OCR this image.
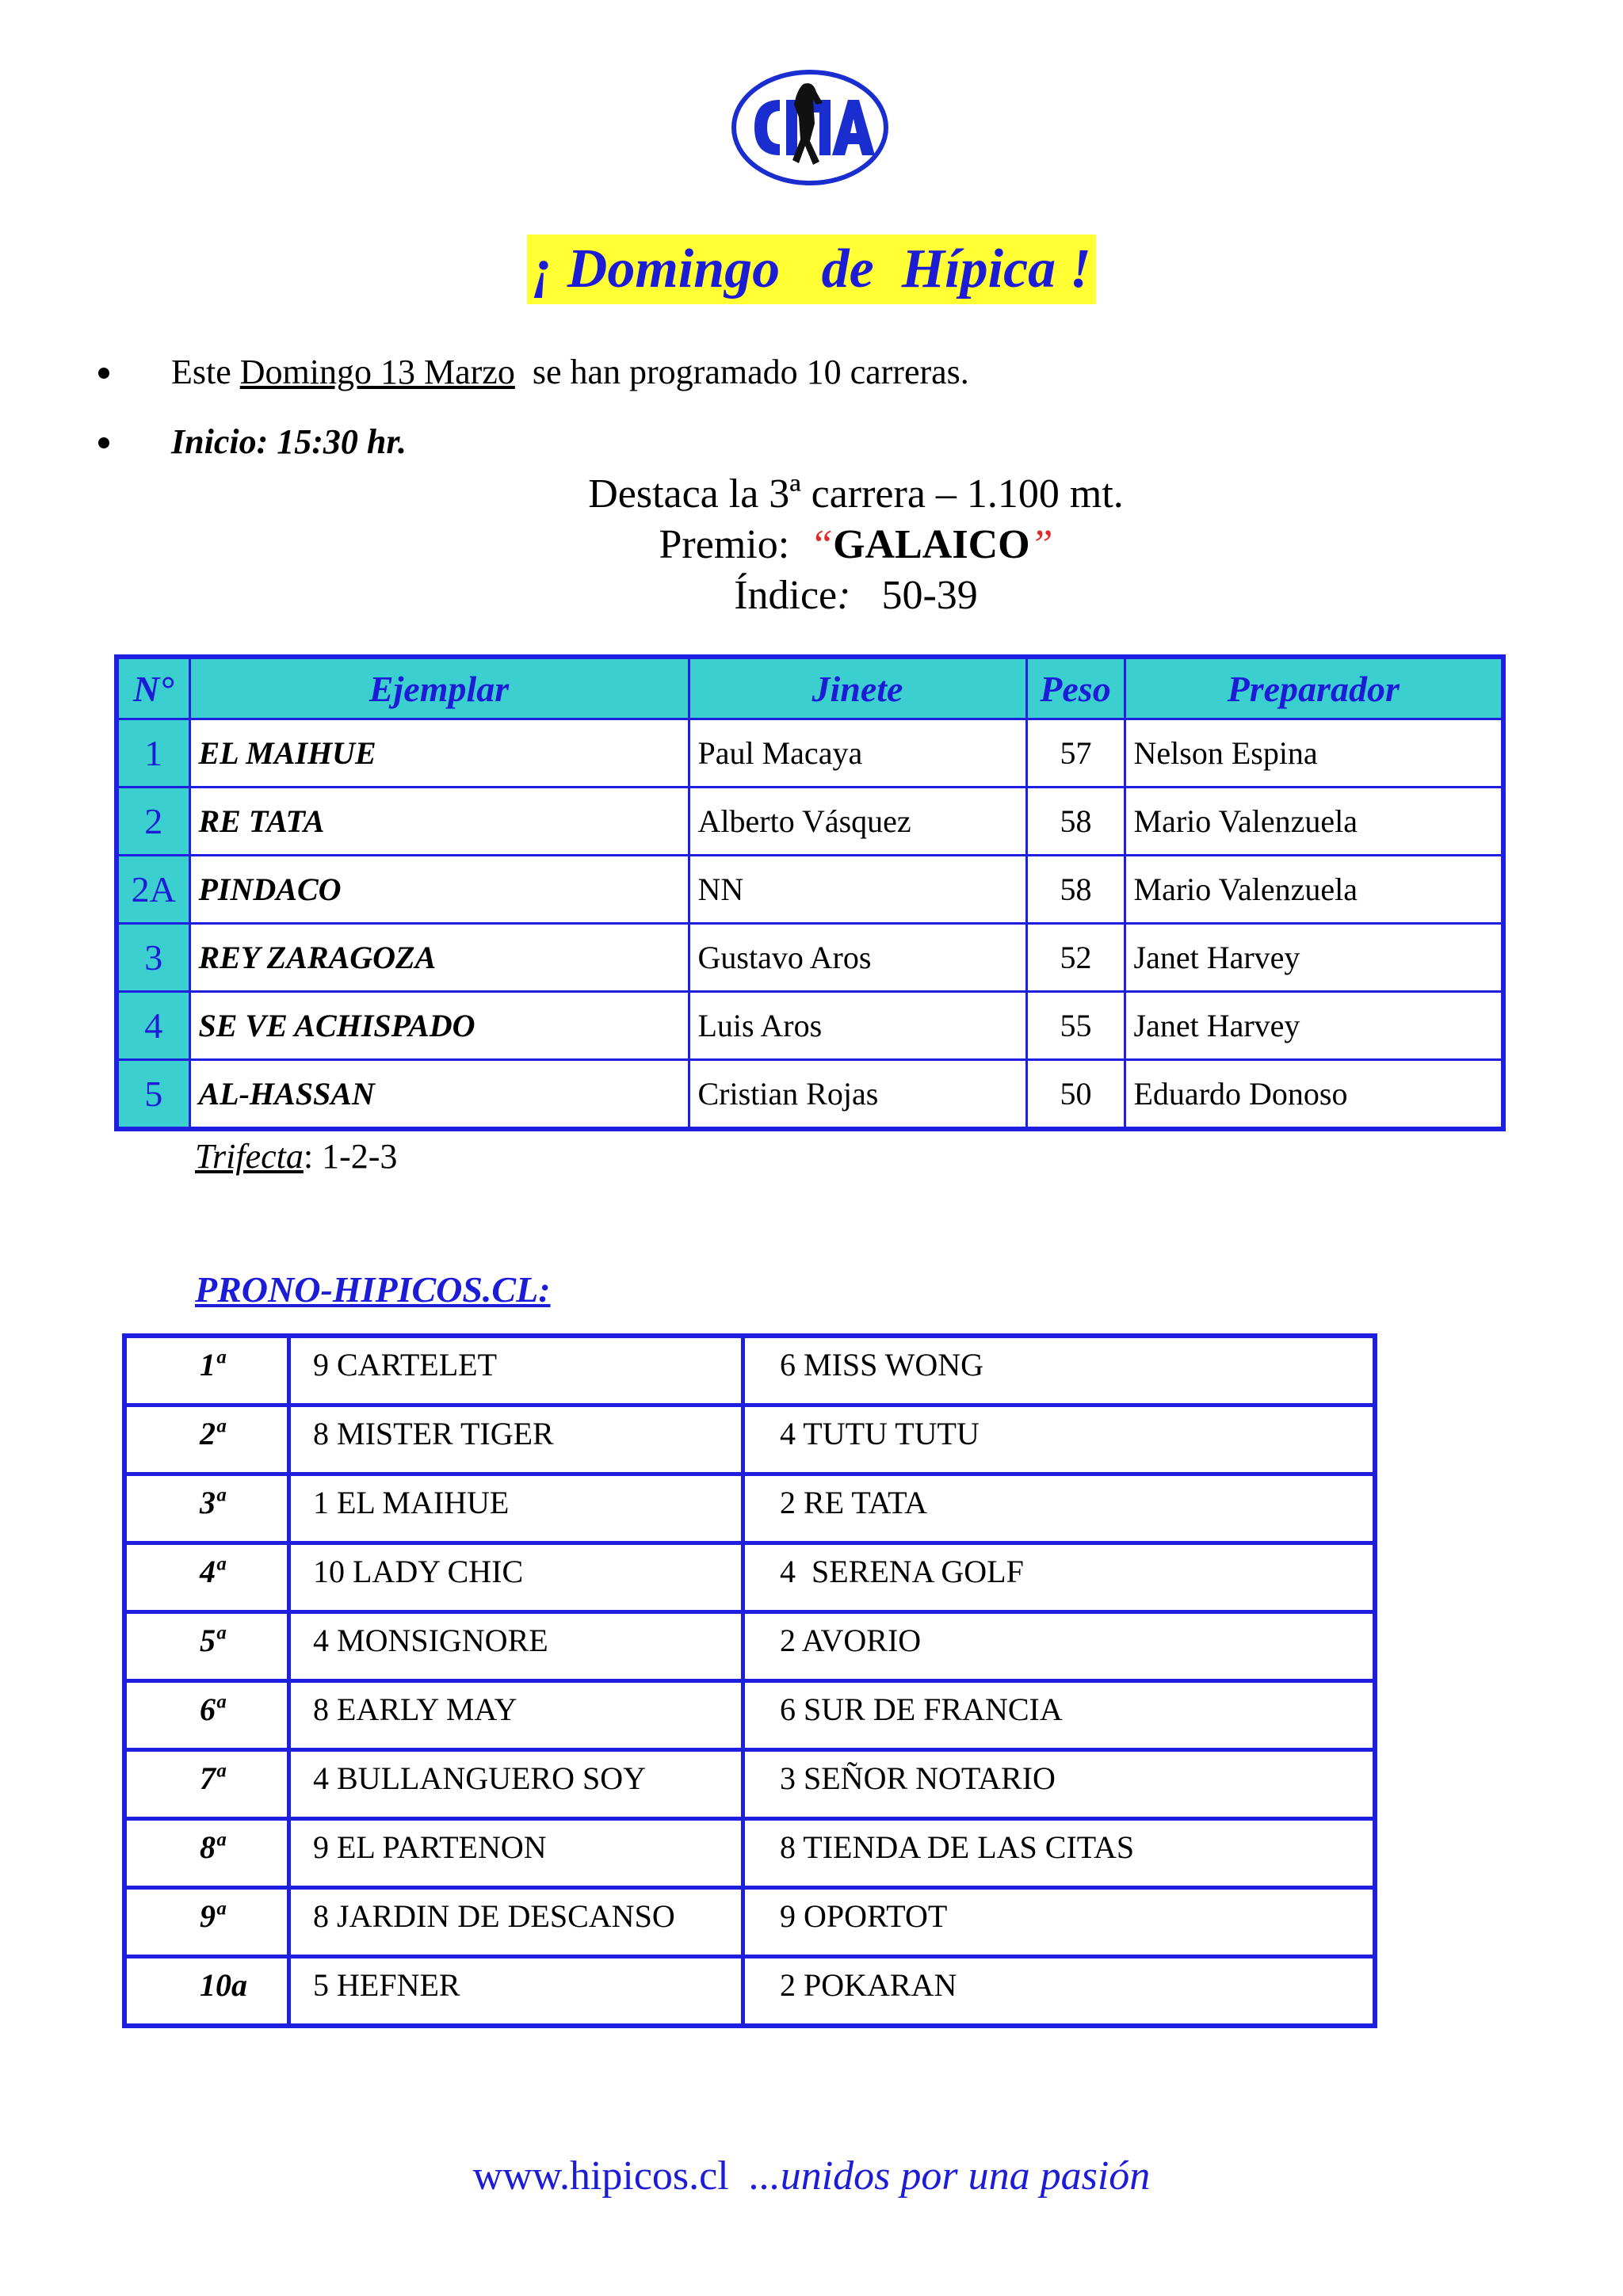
¡ Domingo   de  Hípica !
Este Domingo 13 Marzo  se han programado 10 carreras.
Inicio: 15:30 hr.
Destaca la 3ª carrera – 1.100 mt.
Premio:  “GALAICO”
Índice:   50-39
N°	Ejemplar	Jinete	Peso	Preparador
1	EL MAIHUE	Paul Macaya	57	Nelson Espina
2	RE TATA	Alberto Vásquez	58	Mario Valenzuela
2A	PINDACO	NN	58	Mario Valenzuela
3	REY ZARAGOZA	Gustavo Aros	52	Janet Harvey
4	SE VE ACHISPADO	Luis Aros	55	Janet Harvey
5	AL-HASSAN	Cristian Rojas	50	Eduardo Donoso
Trifecta: 1-2-3
PRONO-HIPICOS.CL:
1ª	9 CARTELET	6 MISS WONG

2ª	8 MISTER TIGER	4 TUTU TUTU

3ª	1 EL MAIHUE	2 RE TATA

4ª	10 LADY CHIC	4  SERENA GOLF

5ª	4 MONSIGNORE	2 AVORIO

6ª	8 EARLY MAY	6 SUR DE FRANCIA

7ª	4 BULLANGUERO SOY	3 SEÑOR NOTARIO

8ª	9 EL PARTENON	8 TIENDA DE LAS CITAS

9ª	8 JARDIN DE DESCANSO	9 OPORTOT

10a	5 HEFNER	2 POKARAN
www.hipicos.cl  ...unidos por una pasión
